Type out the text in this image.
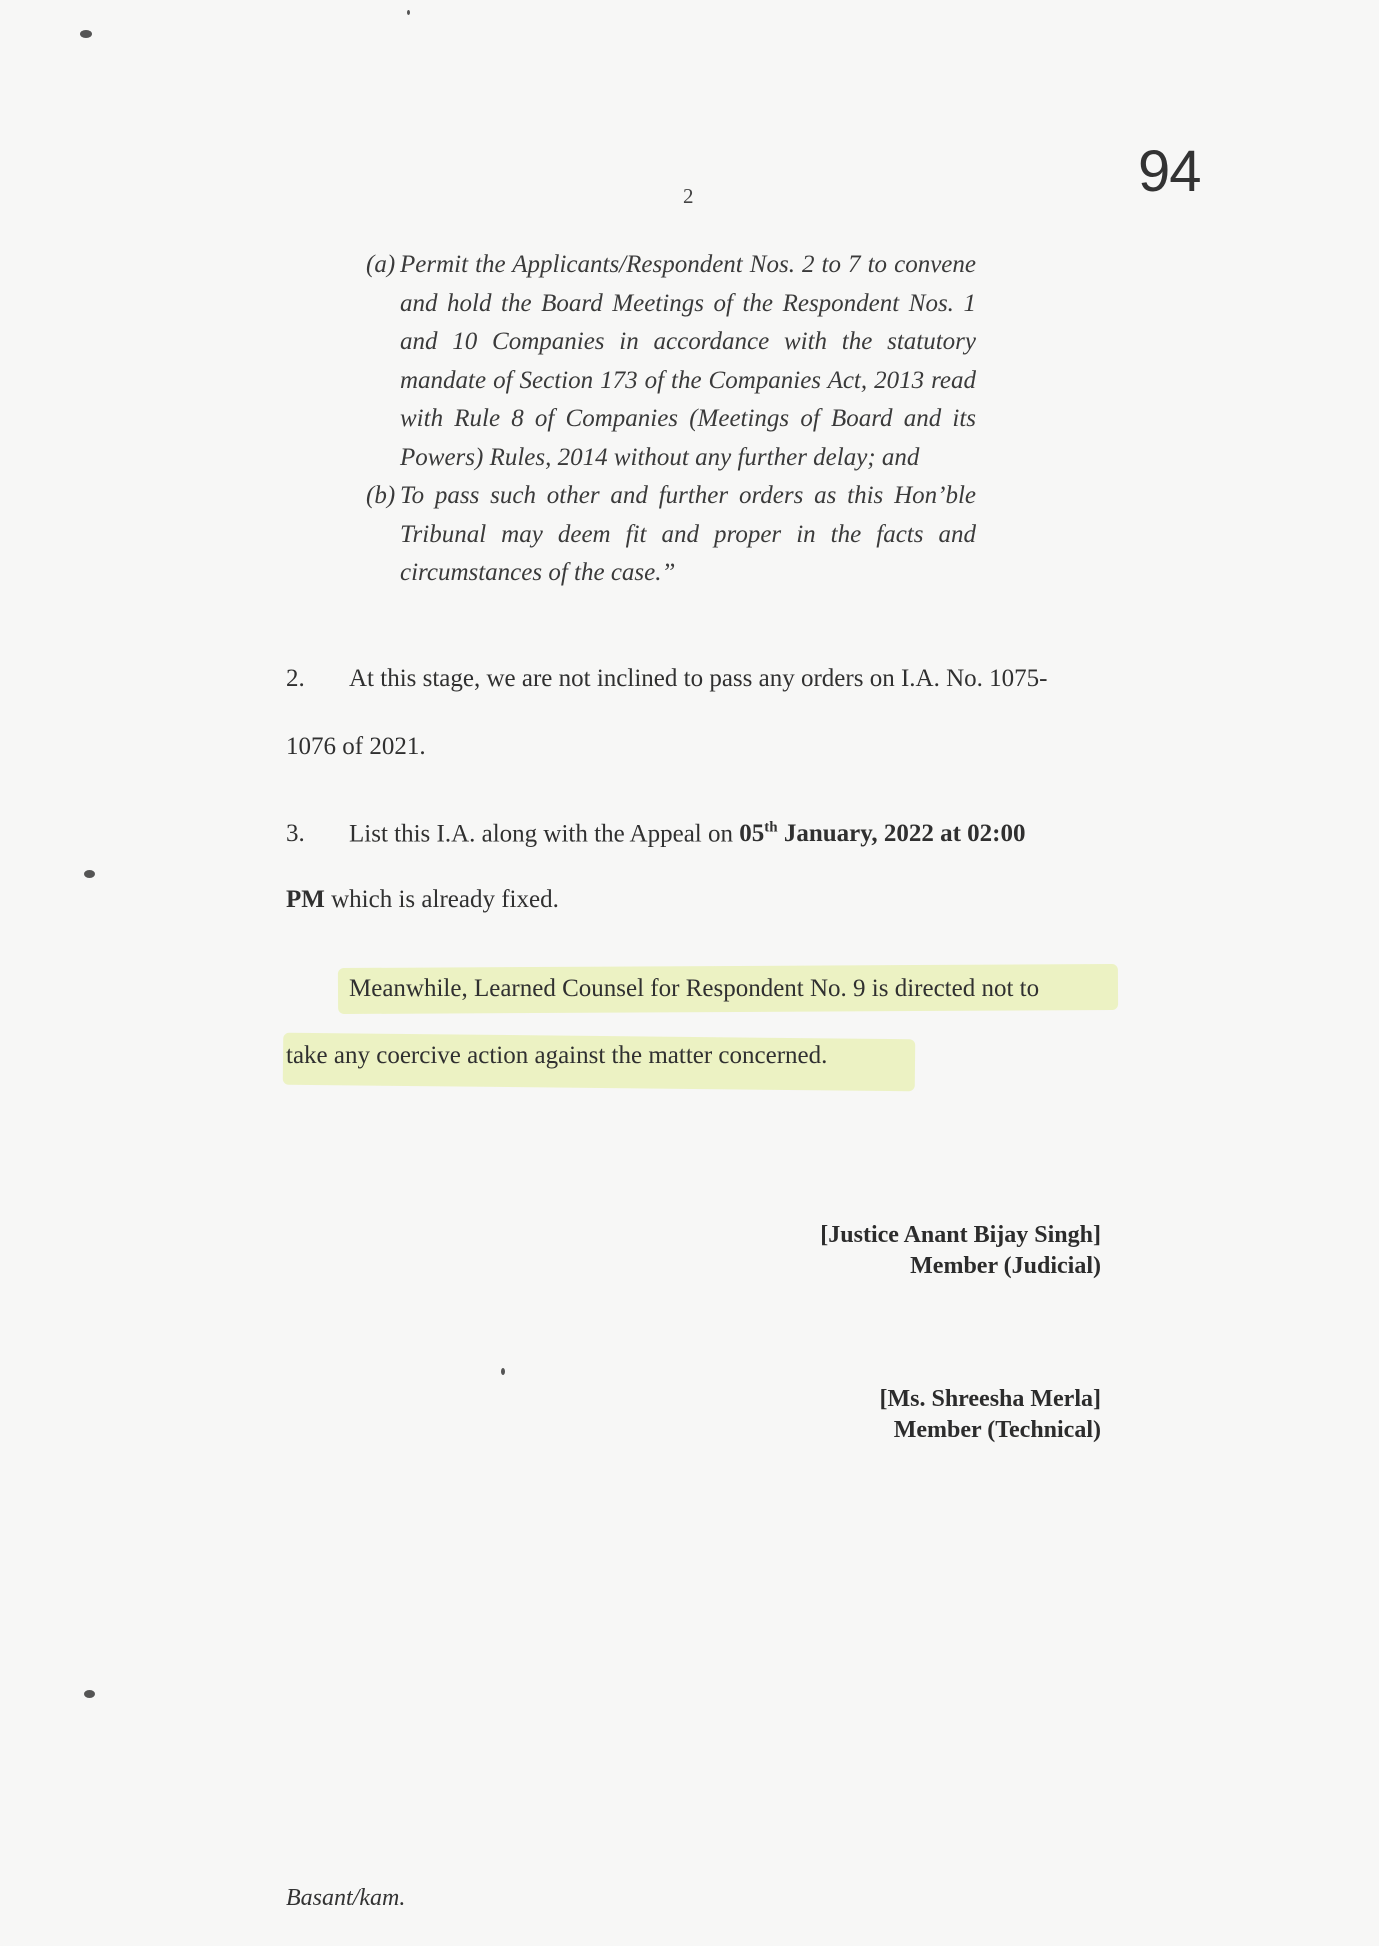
94
2
(a) Permit the Applicants/Respondent Nos. 2 to 7 to convene and hold the Board Meetings of the Respondent Nos. 1 and 10 Companies in accordance with the statutory mandate of Section 173 of the Companies Act, 2013 read with Rule 8 of Companies (Meetings of Board and its Powers) Rules, 2014 without any further delay; and
(b) To pass such other and further orders as this Hon’ble Tribunal may deem fit and proper in the facts and circumstances of the case.”
2. At this stage, we are not inclined to pass any orders on I.A. No. 1075-
1076 of 2021.
3. List this I.A. along with the Appeal on 05th January, 2022 at 02:00
PM which is already fixed.
Meanwhile, Learned Counsel for Respondent No. 9 is directed not to
take any coercive action against the matter concerned.
[Justice Anant Bijay Singh]
Member (Judicial)
[Ms. Shreesha Merla]
Member (Technical)
Basant/kam.
